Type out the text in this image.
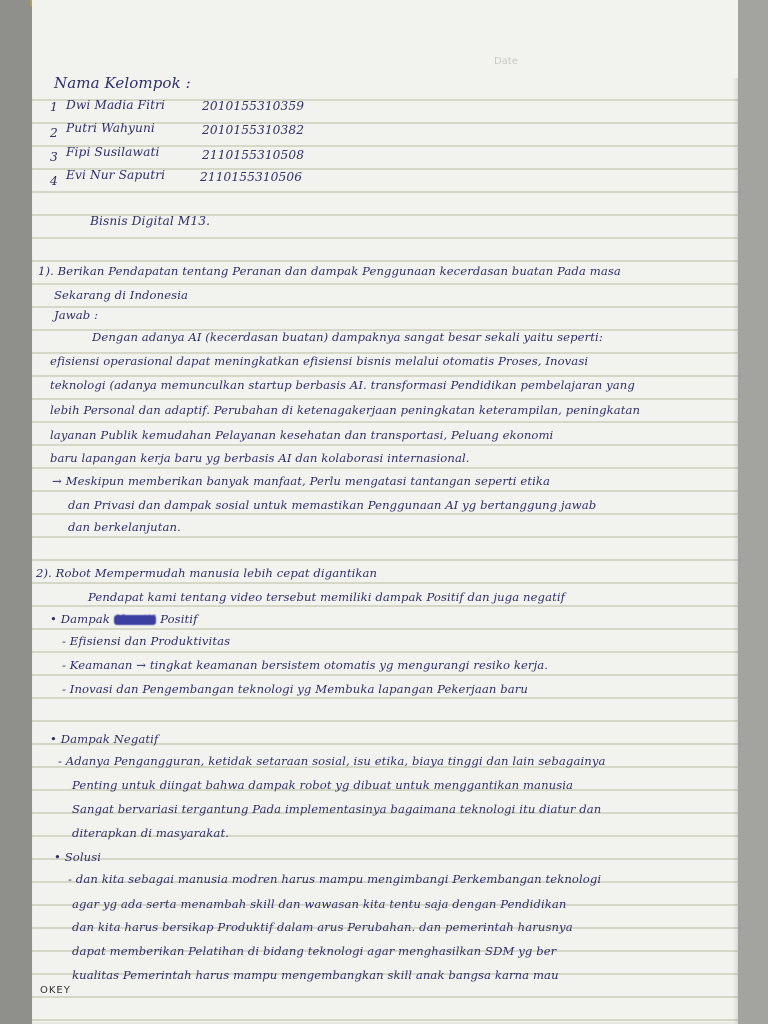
Date
Nama Kelompok :
1 Dwi Madia Fitri	2010155310359
2 Putri Wahyuni	2010155310382
3 Fipi Susilawati	2110155310508
4 Evi Nur Saputri	2110155310506
Bisnis Digital M13.
1). Berikan Pendapatan tentang Peranan dan dampak Penggunaan kecerdasan buatan Pada masa
Sekarang di Indonesia
Jawab :
Dengan adanya AI (kecerdasan buatan) dampaknya sangat besar sekali yaitu seperti:
efisiensi operasional dapat meningkatkan efisiensi bisnis melalui otomatis Proses, Inovasi
teknologi (adanya memunculkan startup berbasis AI. transformasi Pendidikan pembelajaran yang
lebih Personal dan adaptif. Perubahan di ketenagakerjaan peningkatan keterampilan, peningkatan
layanan Publik kemudahan Pelayanan kesehatan dan transportasi, Peluang ekonomi
baru lapangan kerja baru yg berbasis AI dan kolaborasi internasional.
→ Meskipun memberikan banyak manfaat, Perlu mengatasi tantangan seperti etika
dan Privasi dan dampak sosial untuk memastikan Penggunaan AI yg bertanggung jawab
dan berkelanjutan.
2). Robot Mempermudah manusia lebih cepat digantikan
Pendapat kami tentang video tersebut memiliki dampak Positif dan juga negatif
• Dampak Negatif Positif
- Efisiensi dan Produktivitas
- Keamanan → tingkat keamanan bersistem otomatis yg mengurangi resiko kerja.
- Inovasi dan Pengembangan teknologi yg Membuka lapangan Pekerjaan baru
• Dampak Negatif
- Adanya Pengangguran, ketidak setaraan sosial, isu etika, biaya tinggi dan lain sebagainya
Penting untuk diingat bahwa dampak robot yg dibuat untuk menggantikan manusia
Sangat bervariasi tergantung Pada implementasinya bagaimana teknologi itu diatur dan
diterapkan di masyarakat.
• Solusi
- dan kita sebagai manusia modren harus mampu mengimbangi Perkembangan teknologi
agar yg ada serta menambah skill dan wawasan kita tentu saja dengan Pendidikan
dan kita harus bersikap Produktif dalam arus Perubahan. dan pemerintah harusnya
dapat memberikan Pelatihan di bidang teknologi agar menghasilkan SDM yg ber
kualitas Pemerintah harus mampu mengembangkan skill anak bangsa karna mau
OKEY
